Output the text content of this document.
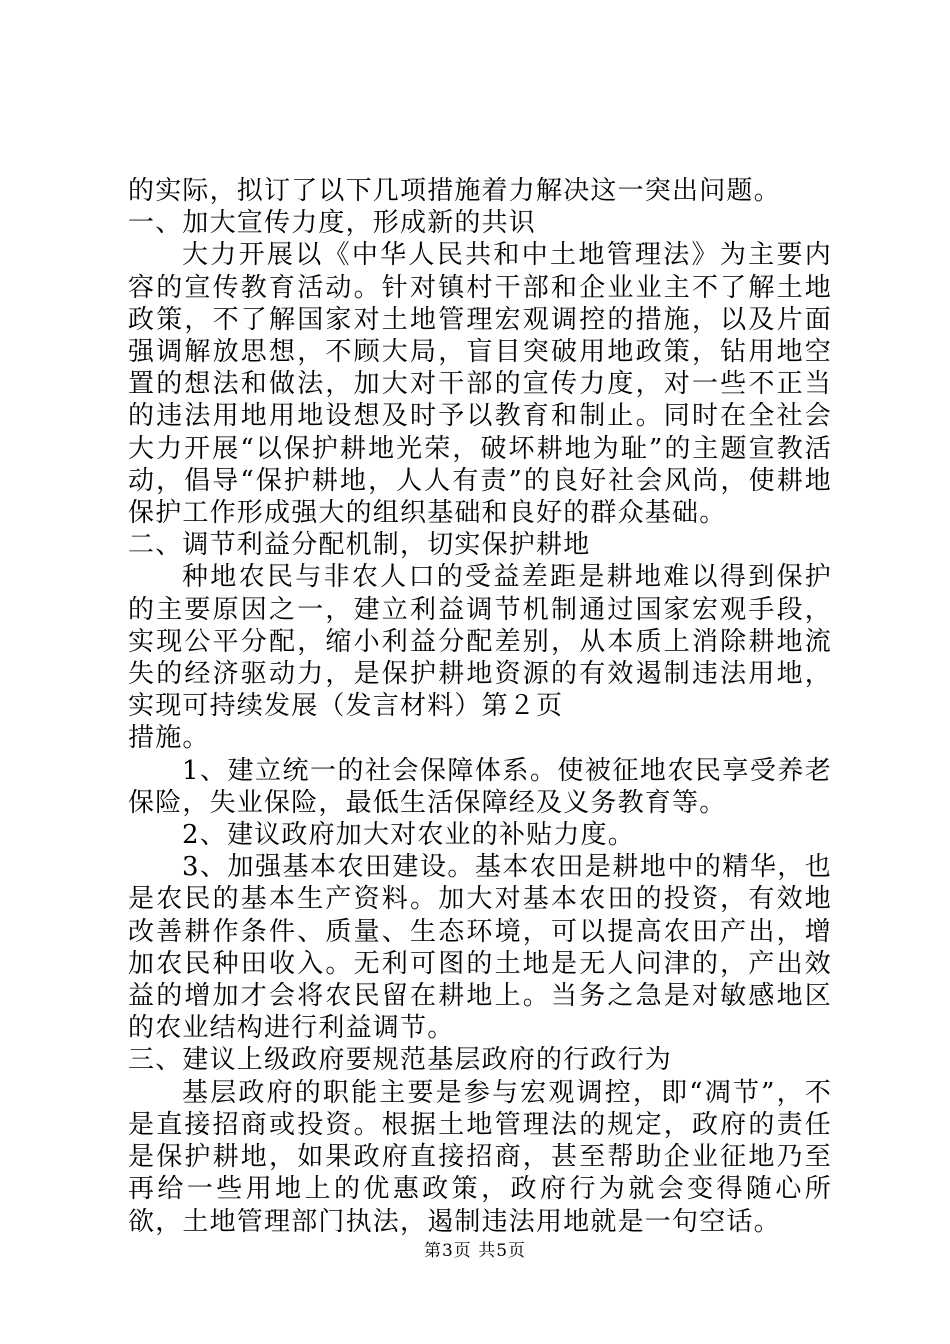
的实际，拟订了以下几项措施着力解决这一突出问题。

一、加大宣传力度，形成新的共识

大力开展以《中华人民共和中土地管理法》为主要内容的宣传教育活动。针对镇村干部和企业业主不了解土地政策，不了解国家对土地管理宏观调控的措施，以及片面强调解放思想，不顾大局，盲目突破用地政策，钻用地空置的想法和做法，加大对干部的宣传力度，对一些不正当的违法用地用地设想及时予以教育和制止。同时在全社会大力开展“以保护耕地光荣，破坏耕地为耻”的主题宣教活动，倡导“保护耕地，人人有责”的良好社会风尚，使耕地保护工作形成强大的组织基础和良好的群众基础。

二、调节利益分配机制，切实保护耕地

种地农民与非农人口的受益差距是耕地难以得到保护的主要原因之一，建立利益调节机制通过国家宏观手段，实现公平分配，缩小利益分配差别，从本质上消除耕地流失的经济驱动力，是保护耕地资源的有效遏制违法用地，实现可持续发展（发言材料）第２页

措施。

1、建立统一的社会保障体系。使被征地农民享受养老保险，失业保险，最低生活保障经及义务教育等。

2、建议政府加大对农业的补贴力度。

3、加强基本农田建设。基本农田是耕地中的精华，也是农民的基本生产资料。加大对基本农田的投资，有效地改善耕作条件、质量、生态环境，可以提高农田产出，增加农民种田收入。无利可图的土地是无人问津的，产出效益的增加才会将农民留在耕地上。当务之急是对敏感地区的农业结构进行利益调节。

三、建议上级政府要规范基层政府的行政行为

基层政府的职能主要是参与宏观调控，即“凋节”，不是直接招商或投资。根据土地管理法的规定，政府的责任是保护耕地，如果政府直接招商，甚至帮助企业征地乃至再给一些用地上的优惠政策，政府行为就会变得随心所欲，土地管理部门执法，遏制违法用地就是一句空话。

第3页 共5页
